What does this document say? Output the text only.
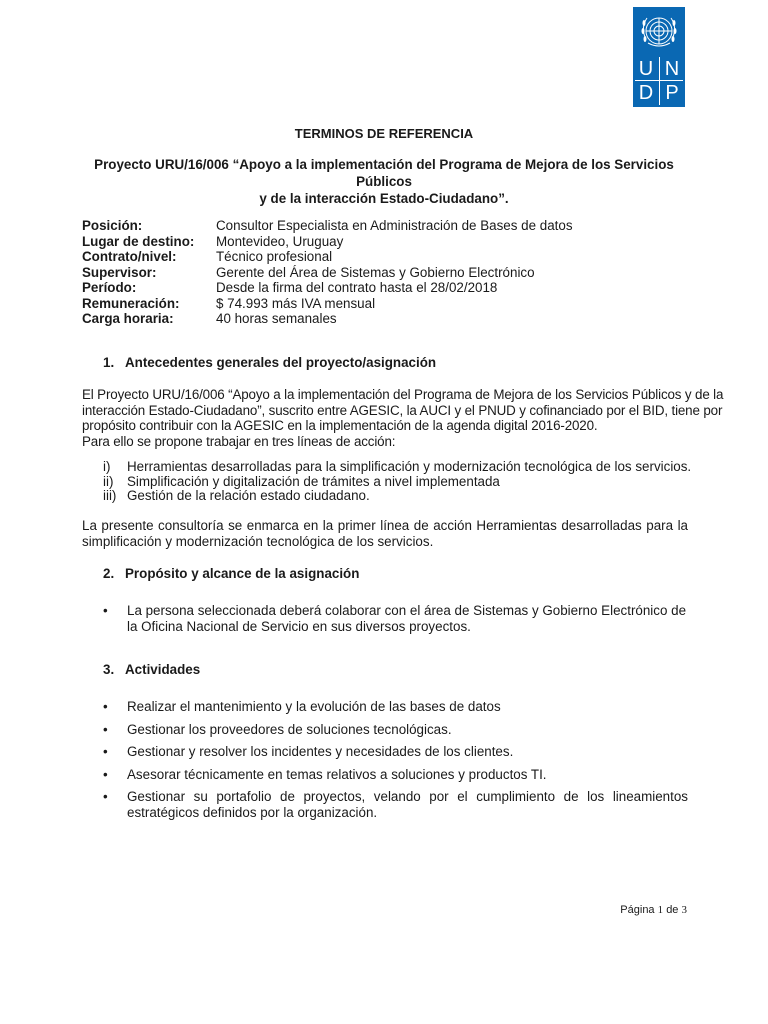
U N
D P
TERMINOS DE REFERENCIA
Proyecto URU/16/006 “Apoyo a la implementación del Programa de Mejora de los Servicios Públicos
y de la interacción Estado-Ciudadano”.
Posición:	Consultor Especialista en Administración de Bases de datos
Lugar de destino:	Montevideo, Uruguay
Contrato/nivel:	Técnico profesional
Supervisor:	Gerente del Área de Sistemas y Gobierno Electrónico
Período:	Desde la firma del contrato hasta el 28/02/2018
Remuneración:	$ 74.993 más IVA mensual
Carga horaria:	40 horas semanales
1. Antecedentes generales del proyecto/asignación
El Proyecto URU/16/006 “Apoyo a la implementación del Programa de Mejora de los Servicios Públicos y de la
interacción Estado-Ciudadano”, suscrito entre AGESIC, la AUCI y el PNUD y cofinanciado por el BID, tiene por
propósito contribuir con la AGESIC en la implementación de la agenda digital 2016-2020.
Para ello se propone trabajar en tres líneas de acción:
i)	Herramientas desarrolladas para la simplificación y modernización tecnológica de los servicios.
ii)	Simplificación y digitalización de trámites a nivel implementada
iii) Gestión de la relación estado ciudadano.
La presente consultoría se enmarca en la primer línea de acción Herramientas desarrolladas para la simplificación y modernización tecnológica de los servicios.
2. Propósito y alcance de la asignación
•	La persona seleccionada deberá colaborar con el área de Sistemas y Gobierno Electrónico de la Oficina Nacional de Servicio en sus diversos proyectos.
3. Actividades
•	Realizar el mantenimiento y la evolución de las bases de datos
•	Gestionar los proveedores de soluciones tecnológicas.
•	Gestionar y resolver los incidentes y necesidades de los clientes.
•	Asesorar técnicamente en temas relativos a soluciones y productos TI.
•	Gestionar su portafolio de proyectos, velando por el cumplimiento de los lineamientos estratégicos definidos por la organización.
Página 1 de 3
